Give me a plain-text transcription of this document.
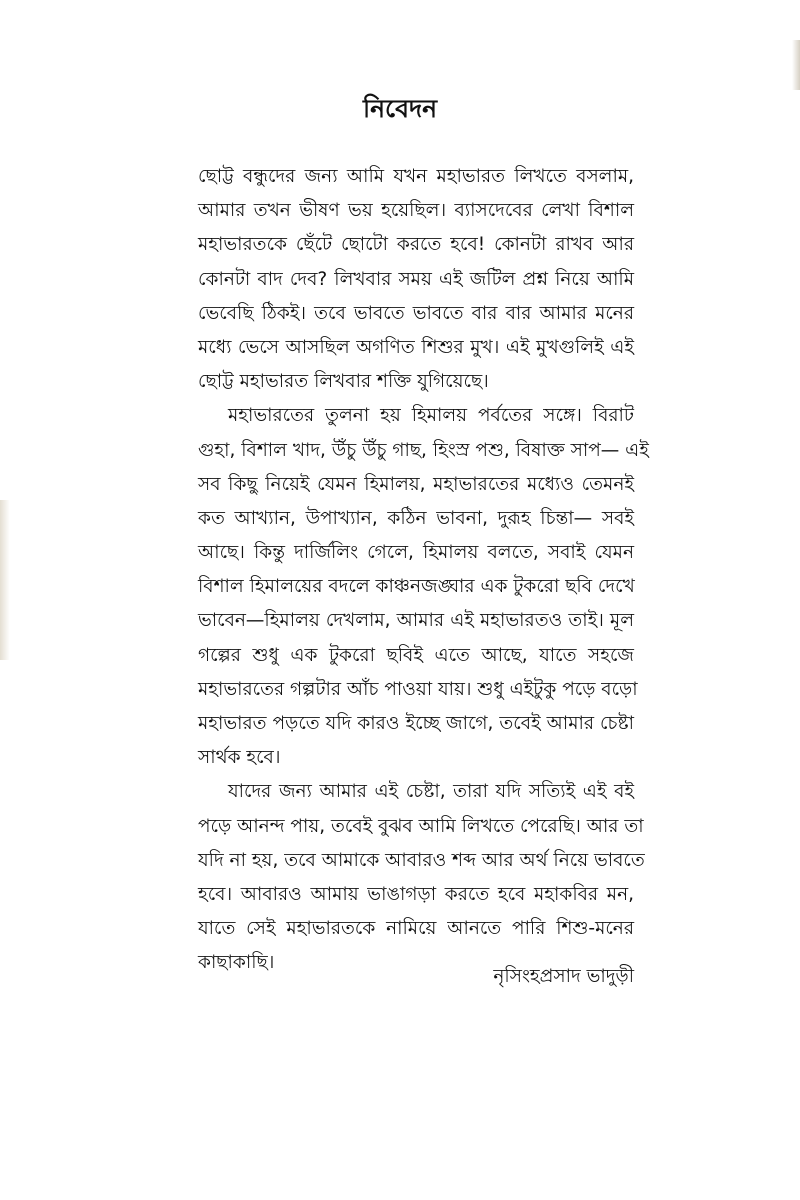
নিবেদন
ছোট্ট বন্ধুদের জন্য আমি যখন মহাভারত লিখতে বসলাম,
আমার তখন ভীষণ ভয় হয়েছিল। ব্যাসদেবের লেখা বিশাল
মহাভারতকে ছেঁটে ছোটো করতে হবে! কোনটা রাখব আর
কোনটা বাদ দেব? লিখবার সময় এই জটিল প্রশ্ন নিয়ে আমি
ভেবেছি ঠিকই। তবে ভাবতে ভাবতে বার বার আমার মনের
মধ্যে ভেসে আসছিল অগণিত শিশুর মুখ। এই মুখগুলিই এই
ছোট্ট মহাভারত লিখবার শক্তি যুগিয়েছে।
মহাভারতের তুলনা হয় হিমালয় পর্বতের সঙ্গে। বিরাট
গুহা, বিশাল খাদ, উঁচু উঁচু গাছ, হিংস্র পশু, বিষাক্ত সাপ— এই
সব কিছু নিয়েই যেমন হিমালয়, মহাভারতের মধ্যেও তেমনই
কত আখ্যান, উপাখ্যান, কঠিন ভাবনা, দুরূহ চিন্তা— সবই
আছে। কিন্তু দার্জিলিং গেলে, হিমালয় বলতে, সবাই যেমন
বিশাল হিমালয়ের বদলে কাঞ্চনজঙ্ঘার এক টুকরো ছবি দেখে
ভাবেন—হিমালয় দেখলাম, আমার এই মহাভারতও তাই। মূল
গল্পের শুধু এক টুকরো ছবিই এতে আছে, যাতে সহজে
মহাভারতের গল্পটার আঁচ পাওয়া যায়। শুধু এইটুকু পড়ে বড়ো
মহাভারত পড়তে যদি কারও ইচ্ছে জাগে, তবেই আমার চেষ্টা
সার্থক হবে।
যাদের জন্য আমার এই চেষ্টা, তারা যদি সত্যিই এই বই
পড়ে আনন্দ পায়, তবেই বুঝব আমি লিখতে পেরেছি। আর তা
যদি না হয়, তবে আমাকে আবারও শব্দ আর অর্থ নিয়ে ভাবতে
হবে। আবারও আমায় ভাঙাগড়া করতে হবে মহাকবির মন,
যাতে সেই মহাভারতকে নামিয়ে আনতে পারি শিশু-মনের
কাছাকাছি।
নৃসিংহপ্রসাদ ভাদুড়ী
